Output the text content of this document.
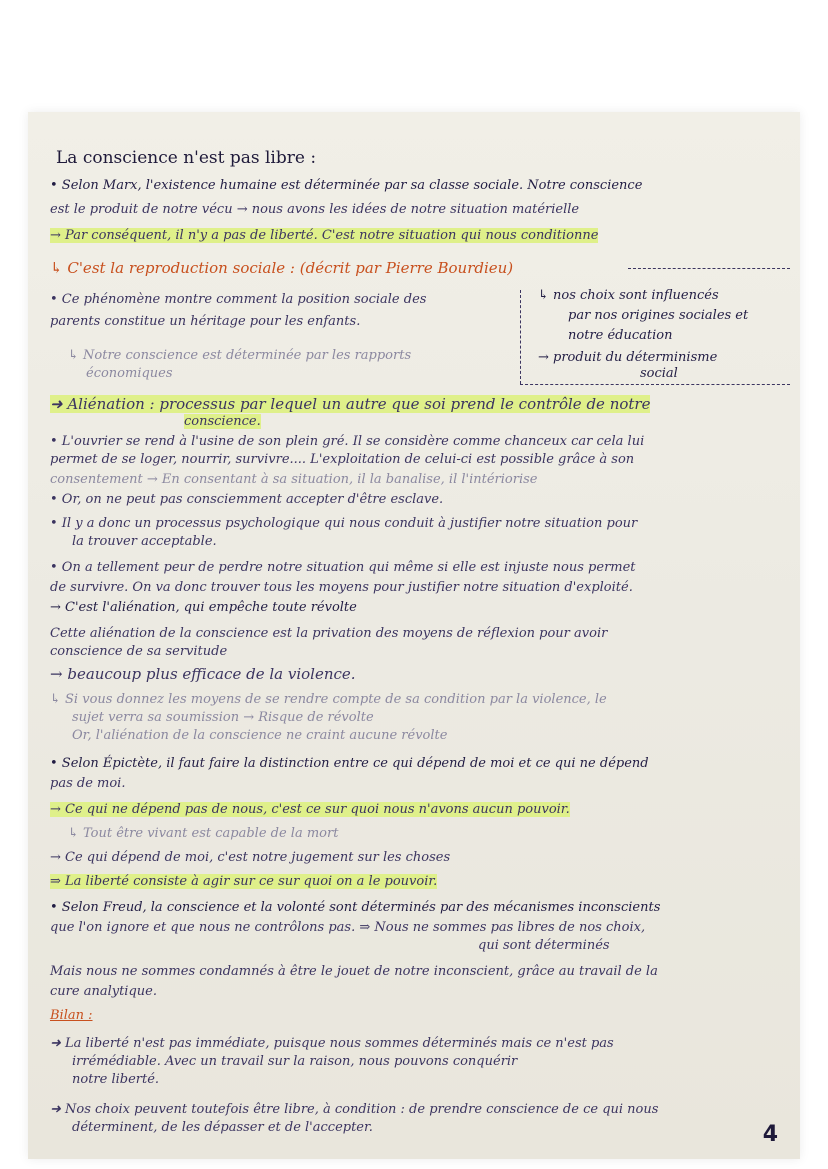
La conscience n'est pas libre :
• Selon Marx, l'existence humaine est déterminée par sa classe sociale. Notre conscience
est le produit de notre vécu → nous avons les idées de notre situation matérielle
→ Par conséquent, il n'y a pas de liberté. C'est notre situation qui nous conditionne
↳ C'est la reproduction sociale : (décrit par Pierre Bourdieu)
• Ce phénomène montre comment la position sociale des
parents constitue un héritage pour les enfants.
↳ nos choix sont influencés
par nos origines sociales et
notre éducation
→ produit du déterminisme
social
↳ Notre conscience est déterminée par les rapports
économiques
➜ Aliénation : processus par lequel un autre que soi prend le contrôle de notre
conscience.
• L'ouvrier se rend à l'usine de son plein gré. Il se considère comme chanceux car cela lui
permet de se loger, nourrir, survivre.... L'exploitation de celui-ci est possible grâce à son
consentement → En consentant à sa situation, il la banalise, il l'intériorise
• Or, on ne peut pas consciemment accepter d'être esclave.
• Il y a donc un processus psychologique qui nous conduit à justifier notre situation pour
la trouver acceptable.
• On a tellement peur de perdre notre situation qui même si elle est injuste nous permet
de survivre. On va donc trouver tous les moyens pour justifier notre situation d'exploité.
→ C'est l'aliénation, qui empêche toute révolte
Cette aliénation de la conscience est la privation des moyens de réflexion pour avoir
conscience de sa servitude
→ beaucoup plus efficace de la violence.
↳ Si vous donnez les moyens de se rendre compte de sa condition par la violence, le
sujet verra sa soumission → Risque de révolte
Or, l'aliénation de la conscience ne craint aucune révolte
• Selon Épictète, il faut faire la distinction entre ce qui dépend de moi et ce qui ne dépend
pas de moi.
→ Ce qui ne dépend pas de nous, c'est ce sur quoi nous n'avons aucun pouvoir.
↳ Tout être vivant est capable de la mort
→ Ce qui dépend de moi, c'est notre jugement sur les choses
⇒ La liberté consiste à agir sur ce sur quoi on a le pouvoir.
• Selon Freud, la conscience et la volonté sont déterminés par des mécanismes inconscients
que l'on ignore et que nous ne contrôlons pas. ⇒ Nous ne sommes pas libres de nos choix,
qui sont déterminés
Mais nous ne sommes condamnés à être le jouet de notre inconscient, grâce au travail de la
cure analytique.
Bilan :
➜ La liberté n'est pas immédiate, puisque nous sommes déterminés mais ce n'est pas
irrémédiable. Avec un travail sur la raison, nous pouvons conquérir
notre liberté.
➜ Nos choix peuvent toutefois être libre, à condition : de prendre conscience de ce qui nous
déterminent, de les dépasser et de l'accepter.	4
